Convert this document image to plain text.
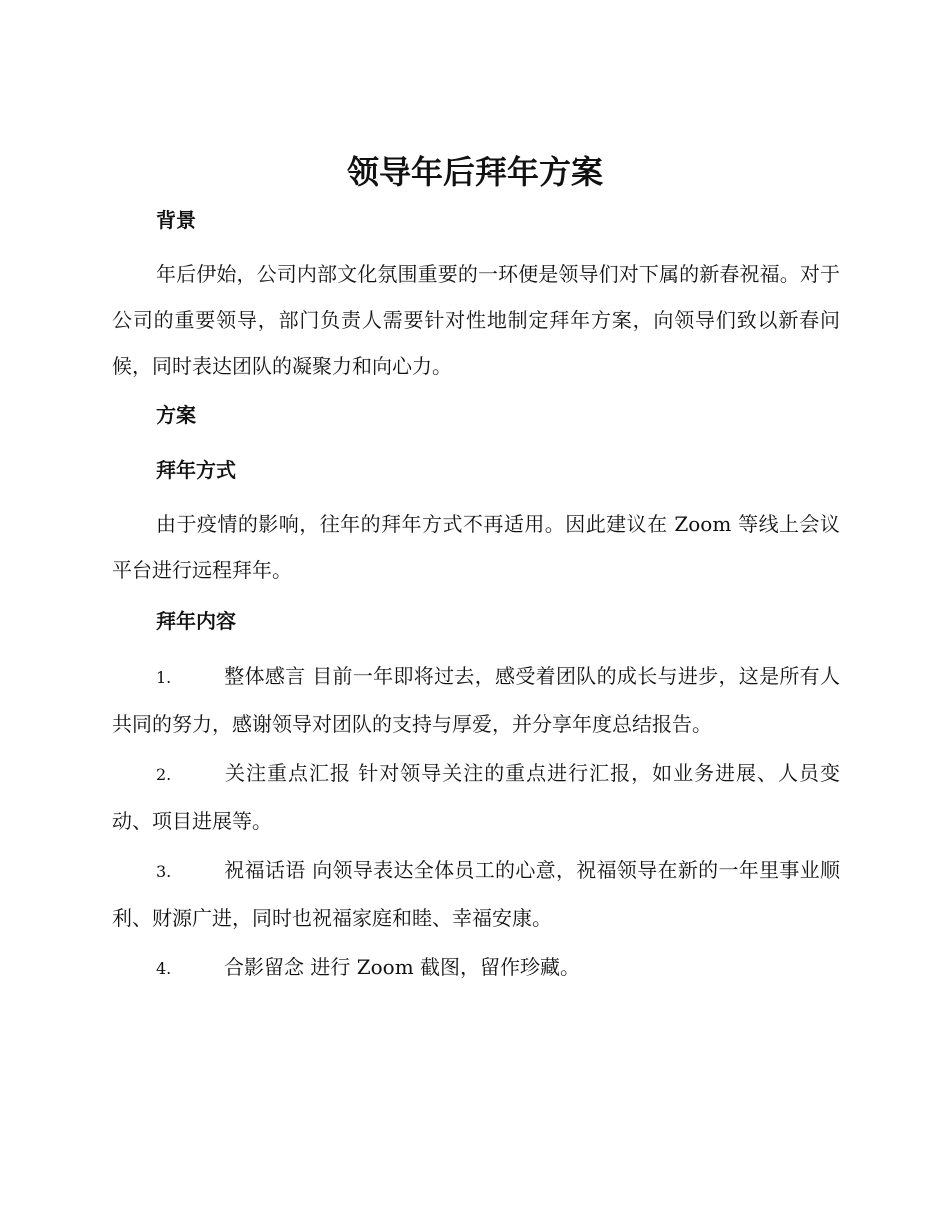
领导年后拜年方案
背景
年后伊始，公司内部文化氛围重要的一环便是领导们对下属的新春祝福。对于公司的重要领导，部门负责人需要针对性地制定拜年方案，向领导们致以新春问候，同时表达团队的凝聚力和向心力。
方案
拜年方式
由于疫情的影响，往年的拜年方式不再适用。因此建议在 Zoom 等线上会议平台进行远程拜年。
拜年内容
1.	整体感言 目前一年即将过去，感受着团队的成长与进步，这是所有人共同的努力，感谢领导对团队的支持与厚爱，并分享年度总结报告。
2.	关注重点汇报 针对领导关注的重点进行汇报，如业务进展、人员变动、项目进展等。
3.	祝福话语 向领导表达全体员工的心意，祝福领导在新的一年里事业顺利、财源广进，同时也祝福家庭和睦、幸福安康。
4.	合影留念 进行 Zoom 截图，留作珍藏。
